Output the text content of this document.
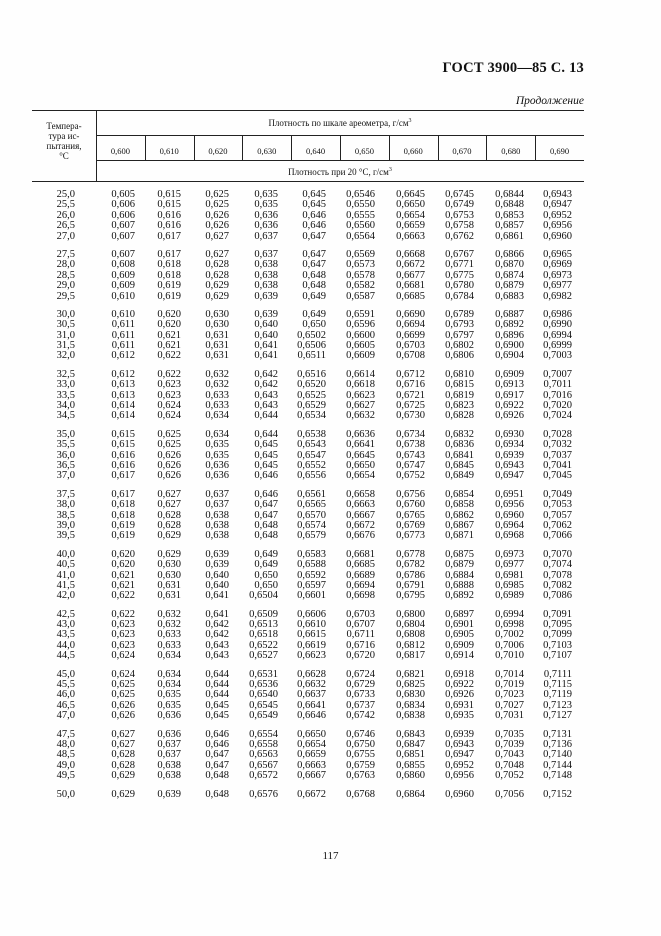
ГОСТ 3900—85 С. 13
Продолжение
Темпера-
тура ис-
пытания,
°С
Плотность по шкале ареометра, $г/см^3$
0,600	0,610	0,620	0,630	0,640	0,650	0,660	0,670	0,680	0,690
Плотность при 20 °С, $г/см^3$
25,0	0,605 0,615 0,625 0,635 0,645 0,6546 0,6645 0,6745 0,6844 0,6943
25,5	0,606 0,615 0,625 0,635 0,645 0,6550 0,6650 0,6749 0,6848 0,6947
26,0	0,606 0,616 0,626 0,636 0,646 0,6555 0,6654 0,6753 0,6853 0,6952
26,5	0,607 0,616 0,626 0,636 0,646 0,6560 0,6659 0,6758 0,6857 0,6956
27,0	0,607 0,617 0,627 0,637 0,647 0,6564 0,6663 0,6762 0,6861 0,6960
27,5	0,607 0,617 0,627 0,637 0,647 0,6569 0,6668 0,6767 0,6866 0,6965
28,0	0,608 0,618 0,628 0,638 0,647 0,6573 0,6672 0,6771 0,6870 0,6969
28,5	0,609 0,618 0,628 0,638 0,648 0,6578 0,6677 0,6775 0,6874 0,6973
29,0	0,609 0,619 0,629 0,638 0,648 0,6582 0,6681 0,6780 0,6879 0,6977
29,5	0,610 0,619 0,629 0,639 0,649 0,6587 0,6685 0,6784 0,6883 0,6982
30,0	0,610 0,620 0,630 0,639 0,649 0,6591 0,6690 0,6789 0,6887 0,6986
30,5	0,611 0,620 0,630 0,640 0,650 0,6596 0,6694 0,6793 0,6892 0,6990
31,0	0,611 0,621 0,631 0,640 0,6502 0,6600 0,6699 0,6797 0,6896 0,6994
31,5	0,611 0,621 0,631 0,641 0,6506 0,6605 0,6703 0,6802 0,6900 0,6999
32,0	0,612 0,622 0,631 0,641 0,6511 0,6609 0,6708 0,6806 0,6904 0,7003
32,5	0,612 0,622 0,632 0,642 0,6516 0,6614 0,6712 0,6810 0,6909 0,7007
33,0	0,613 0,623 0,632 0,642 0,6520 0,6618 0,6716 0,6815 0,6913 0,7011
33,5	0,613 0,623 0,633 0,643 0,6525 0,6623 0,6721 0,6819 0,6917 0,7016
34,0	0,614 0,624 0,633 0,643 0,6529 0,6627 0,6725 0,6823 0,6922 0,7020
34,5	0,614 0,624 0,634 0,644 0,6534 0,6632 0,6730 0,6828 0,6926 0,7024
35,0	0,615 0,625 0,634 0,644 0,6538 0,6636 0,6734 0,6832 0,6930 0,7028
35,5	0,615 0,625 0,635 0,645 0,6543 0,6641 0,6738 0,6836 0,6934 0,7032
36,0	0,616 0,626 0,635 0,645 0,6547 0,6645 0,6743 0,6841 0,6939 0,7037
36,5	0,616 0,626 0,636 0,645 0,6552 0,6650 0,6747 0,6845 0,6943 0,7041
37,0	0,617 0,626 0,636 0,646 0,6556 0,6654 0,6752 0,6849 0,6947 0,7045
37,5	0,617 0,627 0,637 0,646 0,6561 0,6658 0,6756 0,6854 0,6951 0,7049
38,0	0,618 0,627 0,637 0,647 0,6565 0,6663 0,6760 0,6858 0,6956 0,7053
38,5	0,618 0,628 0,638 0,647 0,6570 0,6667 0,6765 0,6862 0,6960 0,7057
39,0	0,619 0,628 0,638 0,648 0,6574 0,6672 0,6769 0,6867 0,6964 0,7062
39,5	0,619 0,629 0,638 0,648 0,6579 0,6676 0,6773 0,6871 0,6968 0,7066
40,0	0,620 0,629 0,639 0,649 0,6583 0,6681 0,6778 0,6875 0,6973 0,7070
40,5	0,620 0,630 0,639 0,649 0,6588 0,6685 0,6782 0,6879 0,6977 0,7074
41,0	0,621 0,630 0,640 0,650 0,6592 0,6689 0,6786 0,6884 0,6981 0,7078
41,5	0,621 0,631 0,640 0,650 0,6597 0,6694 0,6791 0,6888 0,6985 0,7082
42,0	0,622 0,631 0,641 0,6504 0,6601 0,6698 0,6795 0,6892 0,6989 0,7086
42,5	0,622 0,632 0,641 0,6509 0,6606 0,6703 0,6800 0,6897 0,6994 0,7091
43,0	0,623 0,632 0,642 0,6513 0,6610 0,6707 0,6804 0,6901 0,6998 0,7095
43,5	0,623 0,633 0,642 0,6518 0,6615 0,6711 0,6808 0,6905 0,7002 0,7099
44,0	0,623 0,633 0,643 0,6522 0,6619 0,6716 0,6812 0,6909 0,7006 0,7103
44,5	0,624 0,634 0,643 0,6527 0,6623 0,6720 0,6817 0,6914 0,7010 0,7107
45,0	0,624 0,634 0,644 0,6531 0,6628 0,6724 0,6821 0,6918 0,7014 0,7111
45,5	0,625 0,634 0,644 0,6536 0,6632 0,6729 0,6825 0,6922 0,7019 0,7115
46,0	0,625 0,635 0,644 0,6540 0,6637 0,6733 0,6830 0,6926 0,7023 0,7119
46,5	0,626 0,635 0,645 0,6545 0,6641 0,6737 0,6834 0,6931 0,7027 0,7123
47,0	0,626 0,636 0,645 0,6549 0,6646 0,6742 0,6838 0,6935 0,7031 0,7127
47,5	0,627 0,636 0,646 0,6554 0,6650 0,6746 0,6843 0,6939 0,7035 0,7131
48,0	0,627 0,637 0,646 0,6558 0,6654 0,6750 0,6847 0,6943 0,7039 0,7136
48,5	0,628 0,637 0,647 0,6563 0,6659 0,6755 0,6851 0,6947 0,7043 0,7140
49,0	0,628 0,638 0,647 0,6567 0,6663 0,6759 0,6855 0,6952 0,7048 0,7144
49,5	0,629 0,638 0,648 0,6572 0,6667 0,6763 0,6860 0,6956 0,7052 0,7148
50,0	0,629 0,639 0,648 0,6576 0,6672 0,6768 0,6864 0,6960 0,7056 0,7152
117
